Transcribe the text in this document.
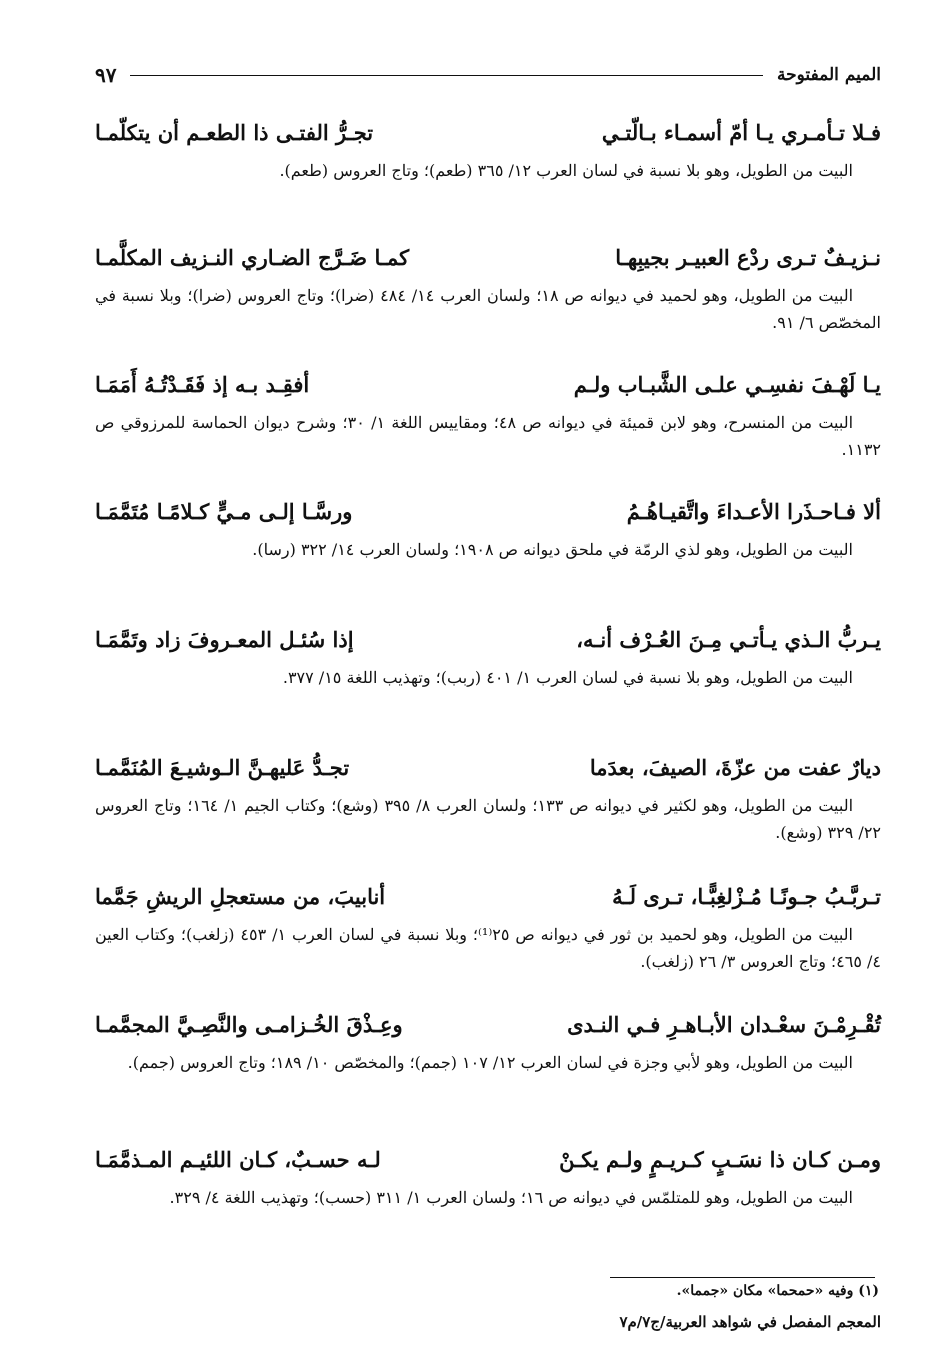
الميم المفتوحة
٩٧
فـلا تـأمـري يـا أمّ أسمـاء بـالّتـي
تجـرُّ الفتـى ذا الطعـم أن يتكلّمـا
البيت من الطويل، وهو بلا نسبة في لسان العرب ١٢/ ٣٦٥ (طعم)؛ وتاج العروس (طعم).
نـزيـفٌ تـرى ردْع العبيـر بجيبِهـا
كمـا ضَـرَّج الضـاري النـزيف المكلَّمـا
البيت من الطويل، وهو لحميد في ديوانه ص ١٨؛ ولسان العرب ١٤/ ٤٨٤ (ضرا)؛ وتاج العروس (ضرا)؛ وبلا نسبة في المخصّص ٦/ ٩١.
يـا لَهْـفَ نفسِـي علـى الشَّبـاب ولـم
أفقِـد بـه إذ فَقَـدْتُـهُ أَمَمَـا
البيت من المنسرح، وهو لابن قميئة في ديوانه ص ٤٨؛ ومقاييس اللغة ١/ ٣٠؛ وشرح ديوان الحماسة للمرزوقي ص ١١٣٢.
ألا فـاحـذَرا الأعـداءَ واتَّقيـاهُـمُ
ورسَّـا إلـى مـيٍّ كـلامًـا مُتَمَّمَـا
البيت من الطويل، وهو لذي الرمّة في ملحق ديوانه ص ١٩٠٨؛ ولسان العرب ١٤/ ٣٢٢ (رسا).
يـربُّ الـذي يـأتـي مِـنَ العُـرْف أنـه،
إذا سُئـل المعـروفَ زاد وتَمَّمَـا
البيت من الطويل، وهو بلا نسبة في لسان العرب ١/ ٤٠١ (ربب)؛ وتهذيب اللغة ١٥/ ٣٧٧.
ديارٌ عفت من عزّةَ، الصيفَ، بعدَما
تجـدُّ عَليهـنَّ الـوشيـعَ المُنَمَّمـا
البيت من الطويل، وهو لكثير في ديوانه ص ١٣٣؛ ولسان العرب ٨/ ٣٩٥ (وشع)؛ وكتاب الجيم ١/ ١٦٤؛ وتاج العروس ٢٢/ ٣٢٩ (وشع).
تـربَّـبُ جـونًـا مُـزْلغِبًّـا، تـرى لَـهُ
أنابيبَ، من مستعجلِ الريشِ جَمَّما
البيت من الطويل، وهو لحميد بن ثور في ديوانه ص ٢٥⁽¹⁾؛ وبلا نسبة في لسان العرب ١/ ٤٥٣ (زلغب)؛ وكتاب العين ٤/ ٤٦٥؛ وتاج العروس ٣/ ٢٦ (زلغب).
تُقْـرِمْـنَ سعْـدان الأبـاهـرِ فـي النـدى
وعِـذْقَ الخُـزامـى والنَّصِـيَّ المجمَّمـا
البيت من الطويل، وهو لأبي وجزة في لسان العرب ١٢/ ١٠٧ (جمم)؛ والمخصّص ١٠/ ١٨٩؛ وتاج العروس (جمم).
ومـن كـان ذا نسَـبٍ كـريـمٍ ولـم يكـنْ
لـه حسـبٌ، كـان اللئيـم المـذمَّمَـا
البيت من الطويل، وهو للمتلمّس في ديوانه ص ١٦؛ ولسان العرب ١/ ٣١١ (حسب)؛ وتهذيب اللغة ٤/ ٣٢٩.
(١) وفيه «حمحما» مكان «جمما».
المعجم المفصل في شواهد العربية/ج٧/م٧
